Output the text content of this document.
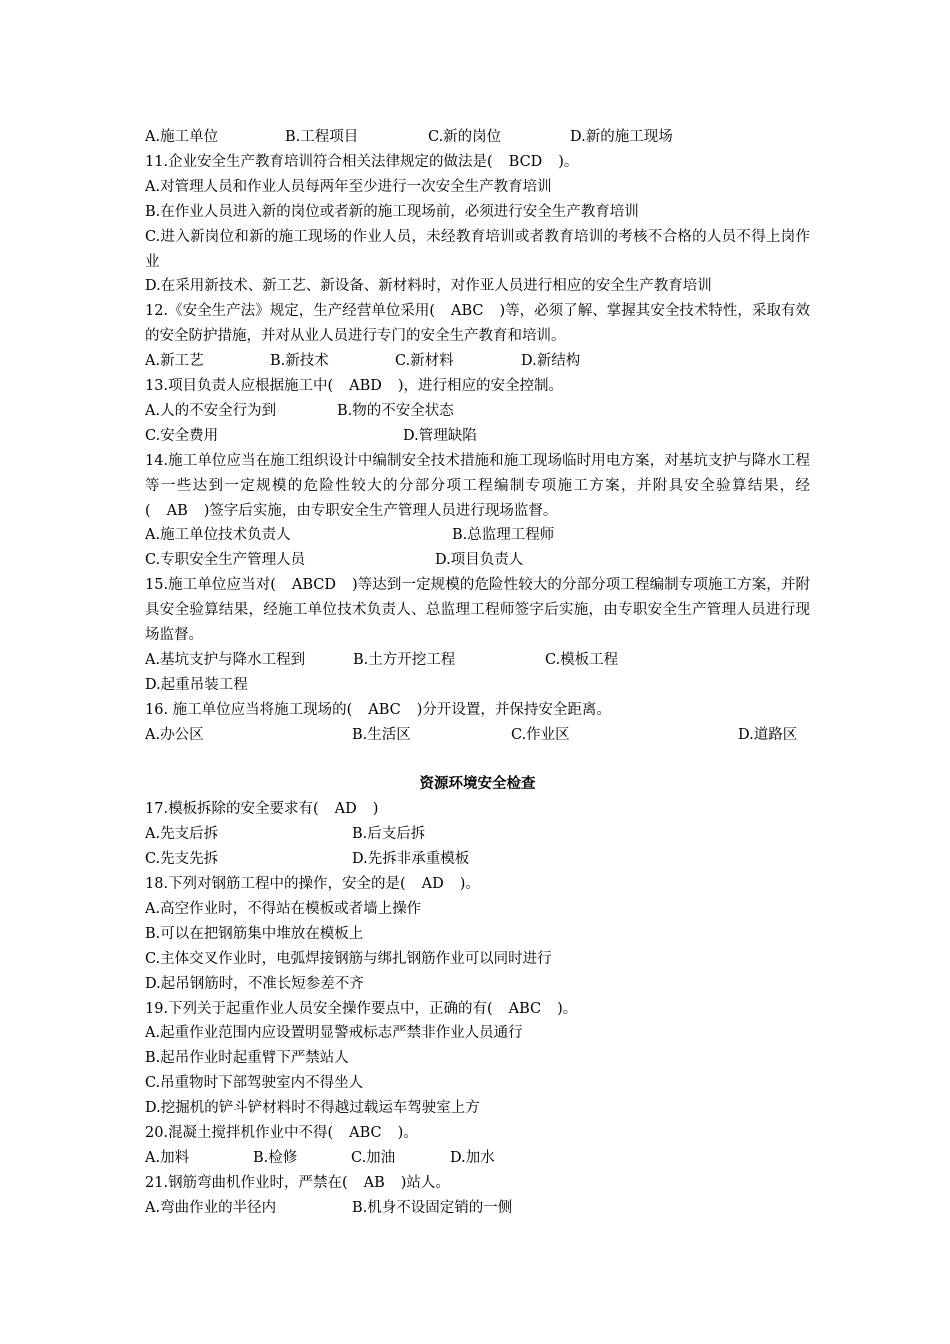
A.施工单位	B.工程项目	C.新的岗位	D.新的施工现场
11.企业安全生产教育培训符合相关法律规定的做法是( BCD )。
A.对管理人员和作业人员每两年至少进行一次安全生产教育培训
B.在作业人员进入新的岗位或者新的施工现场前，必须进行安全生产教育培训
C.进入新岗位和新的施工现场的作业人员，未经教育培训或者教育培训的考核不合格的人员不得上岗作业
D.在采用新技术、新工艺、新设备、新材料时，对作亚人员进行相应的安全生产教育培训
12.《安全生产法》规定，生产经营单位采用( ABC )等，必须了解、掌握其安全技术特性，采取有效的安全防护措施，并对从业人员进行专门的安全生产教育和培训。
A.新工艺	B.新技术	C.新材料	D.新结构
13.项目负责人应根据施工中( ABD )，进行相应的安全控制。
A.人的不安全行为到	B.物的不安全状态
C.安全费用	D.管理缺陷
14.施工单位应当在施工组织设计中编制安全技术措施和施工现场临时用电方案，对基坑支护与降水工程等一些达到一定规模的危险性较大的分部分项工程编制专项施工方案，并附具安全验算结果，经( AB )签字后实施，由专职安全生产管理人员进行现场监督。
A.施工单位技术负责人	B.总监理工程师
C.专职安全生产管理人员	D.项目负责人
15.施工单位应当对( ABCD )等达到一定规模的危险性较大的分部分项工程编制专项施工方案，并附具安全验算结果，经施工单位技术负责人、总监理工程师签字后实施，由专职安全生产管理人员进行现场监督。
A.基坑支护与降水工程到	B.土方开挖工程	C.模板工程
D.起重吊装工程
16. 施工单位应当将施工现场的( ABC )分开设置，并保持安全距离。
A.办公区	B.生活区	C.作业区	D.道路区
资源环境安全检查
17.模板拆除的安全要求有( AD )
A.先支后拆	B.后支后拆
C.先支先拆	D.先拆非承重模板
18.下列对钢筋工程中的操作，安全的是( AD )。
A.高空作业时，不得站在模板或者墙上操作
B.可以在把钢筋集中堆放在模板上
C.主体交叉作业时，电弧焊接钢筋与绑扎钢筋作业可以同时进行
D.起吊钢筋时，不准长短参差不齐
19.下列关于起重作业人员安全操作要点中，正确的有( ABC )。
A.起重作业范围内应设置明显警戒标志严禁非作业人员通行
B.起吊作业时起重臂下严禁站人
C.吊重物时下部驾驶室内不得坐人
D.挖掘机的铲斗铲材料时不得越过载运车驾驶室上方
20.混凝土搅拌机作业中不得( ABC )。
A.加料	B.检修	C.加油	D.加水
21.钢筋弯曲机作业时，严禁在( AB )站人。
A.弯曲作业的半径内	B.机身不设固定销的一侧
